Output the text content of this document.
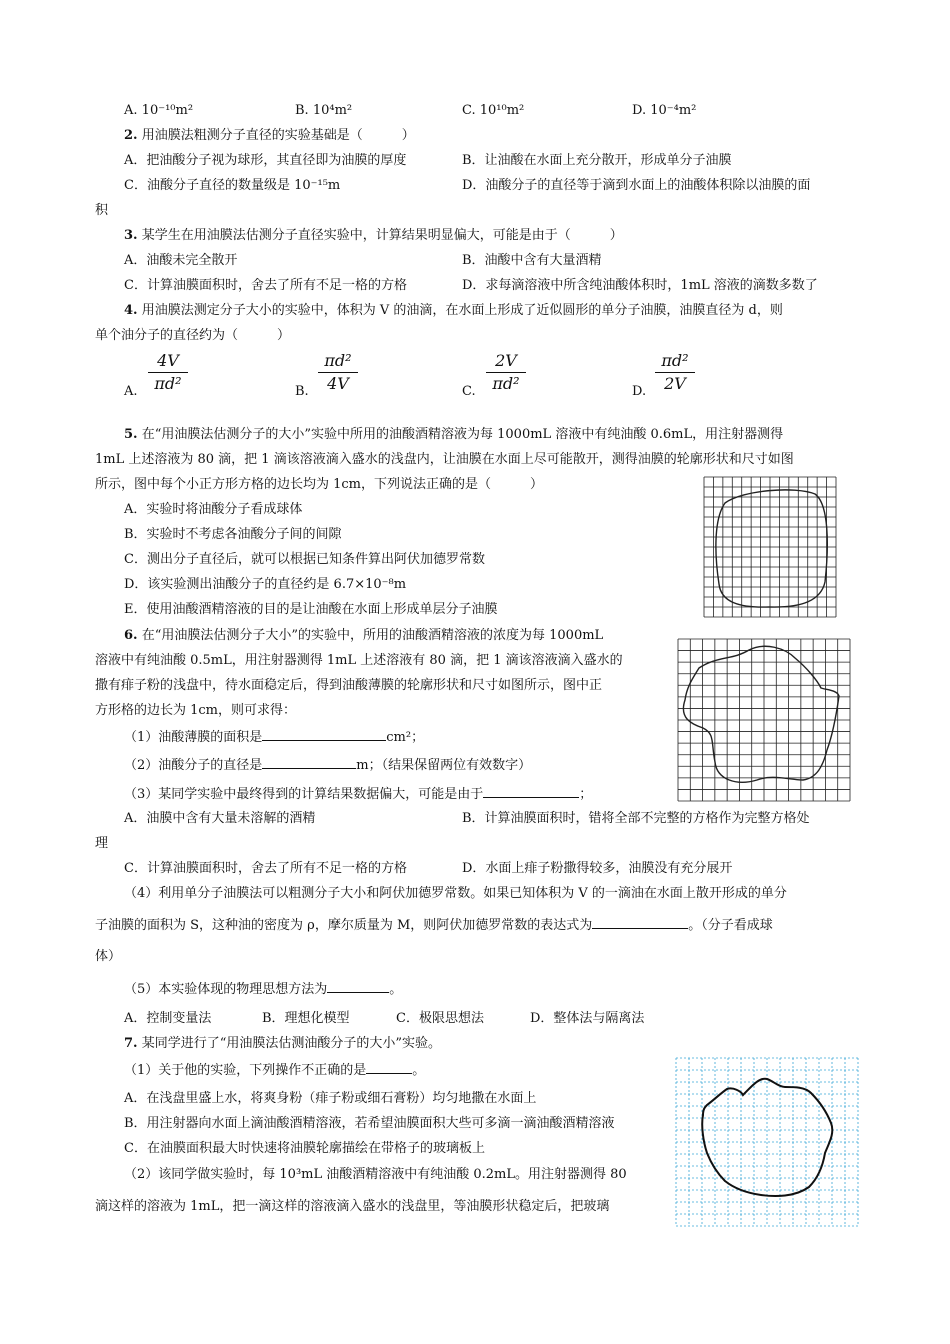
A. 10⁻¹⁰m²	B. 10⁴m²	C. 10¹⁰m²	D. 10⁻⁴m²
2. 用油膜法粗测分子直径的实验基础是（　　　）
A．把油酸分子视为球形，其直径即为油膜的厚度	B．让油酸在水面上充分散开，形成单分子油膜
C．油酸分子直径的数量级是 10⁻¹⁵m	D．油酸分子的直径等于滴到水面上的油酸体积除以油膜的面
积
3. 某学生在用油膜法估测分子直径实验中，计算结果明显偏大，可能是由于（　　　）
A．油酸未完全散开	B．油酸中含有大量酒精
C．计算油膜面积时，舍去了所有不足一格的方格	D．求每滴溶液中所含纯油酸体积时，1mL 溶液的滴数多数了
4. 用油膜法测定分子大小的实验中，体积为 V 的油滴，在水面上形成了近似圆形的单分子油膜，油膜直径为 d，则
单个油分子的直径约为（　　　）
A. $\frac{4V}{\text{πd²}}$	B. $\frac{\text{πd²}}{4V}$	C. $\frac{2V}{\text{πd²}}$	D. $\frac{\text{πd²}}{2V}$
5. 在“用油膜法估测分子的大小”实验中所用的油酸酒精溶液为每 1000mL 溶液中有纯油酸 0.6mL，用注射器测得
1mL 上述溶液为 80 滴，把 1 滴该溶液滴入盛水的浅盘内，让油膜在水面上尽可能散开，测得油膜的轮廓形状和尺寸如图
所示，图中每个小正方形方格的边长均为 1cm，下列说法正确的是（　　　）
A．实验时将油酸分子看成球体
B．实验时不考虑各油酸分子间的间隙
C．测出分子直径后，就可以根据已知条件算出阿伏加德罗常数
D．该实验测出油酸分子的直径约是 6.7×10⁻⁸m
E．使用油酸酒精溶液的目的是让油酸在水面上形成单层分子油膜
6. 在“用油膜法估测分子大小”的实验中，所用的油酸酒精溶液的浓度为每 1000mL
溶液中有纯油酸 0.5mL，用注射器测得 1mL 上述溶液有 80 滴，把 1 滴该溶液滴入盛水的
撒有痱子粉的浅盘中，待水面稳定后，得到油酸薄膜的轮廓形状和尺寸如图所示，图中正
方形格的边长为 1cm，则可求得：
（1）油酸薄膜的面积是	cm²；
（2）油酸分子的直径是	m；（结果保留两位有效数字）
（3）某同学实验中最终得到的计算结果数据偏大，可能是由于	；
A．油膜中含有大量未溶解的酒精	B．计算油膜面积时，错将全部不完整的方格作为完整方格处
理
C．计算油膜面积时，舍去了所有不足一格的方格	D．水面上痱子粉撒得较多，油膜没有充分展开
（4）利用单分子油膜法可以粗测分子大小和阿伏加德罗常数。如果已知体积为 V 的一滴油在水面上散开形成的单分
子油膜的面积为 S，这种油的密度为 ρ，摩尔质量为 M，则阿伏加德罗常数的表达式为	。（分子看成球
体）
（5）本实验体现的物理思想方法为	。
A．控制变量法	B．理想化模型	C．极限思想法	D．整体法与隔离法
7. 某同学进行了“用油膜法估测油酸分子的大小”实验。
（1）关于他的实验，下列操作不正确的是	。
A．在浅盘里盛上水，将爽身粉（痱子粉或细石膏粉）均匀地撒在水面上
B．用注射器向水面上滴油酸酒精溶液，若希望油膜面积大些可多滴一滴油酸酒精溶液
C．在油膜面积最大时快速将油膜轮廓描绘在带格子的玻璃板上
（2）该同学做实验时，每 10³mL 油酸酒精溶液中有纯油酸 0.2mL。用注射器测得 80
滴这样的溶液为 1mL，把一滴这样的溶液滴入盛水的浅盘里，等油膜形状稳定后，把玻璃
